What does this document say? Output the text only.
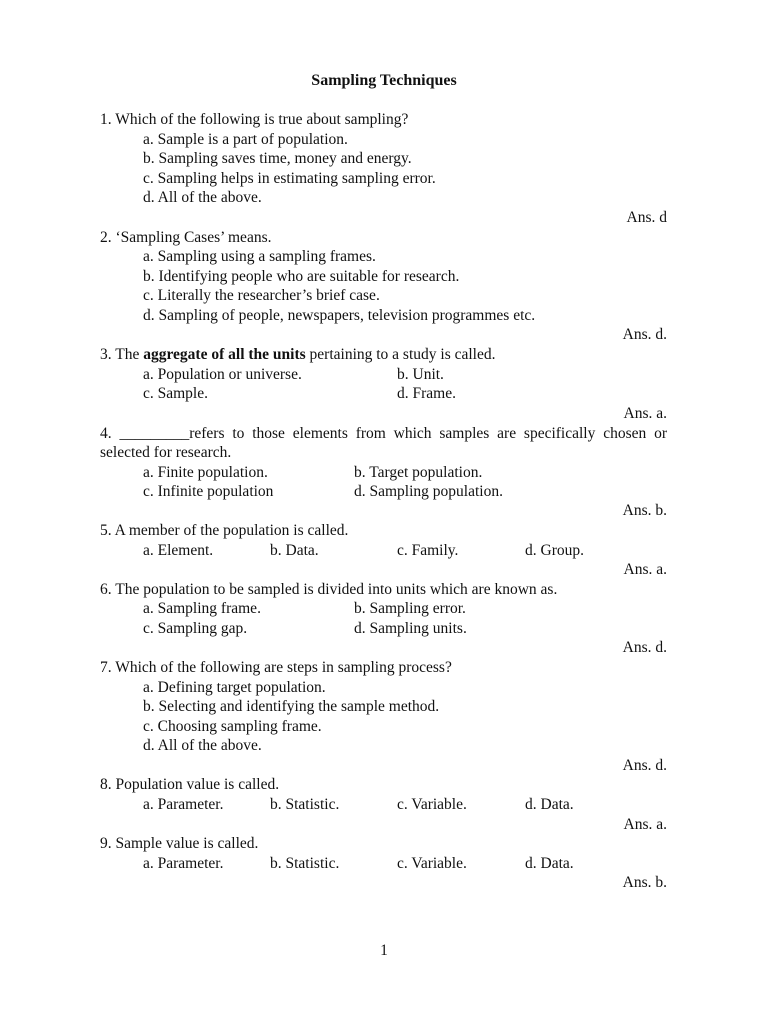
Sampling Techniques
1. Which of the following is true about sampling?
a. Sample is a part of population.
b. Sampling saves time, money and energy.
c. Sampling helps in estimating sampling error.
d. All of the above.
Ans. d
2. ‘Sampling Cases’ means.
a. Sampling using a sampling frames.
b. Identifying people who are suitable for research.
c. Literally the researcher’s brief case.
d. Sampling of people, newspapers, television programmes etc.
Ans. d.
3. The aggregate of all the units pertaining to a study is called.
a. Population or universe.	b. Unit.
c. Sample.	d. Frame.
Ans. a.
4. _________refers to those elements from which samples are specifically chosen or
selected for research.
a. Finite population.	b. Target population.
c. Infinite population	d. Sampling population.
Ans. b.
5. A member of the population is called.
a. Element.	b. Data.	c. Family.	d. Group.
Ans. a.
6. The population to be sampled is divided into units which are known as.
a. Sampling frame.	b. Sampling error.
c. Sampling gap.	d. Sampling units.
Ans. d.
7. Which of the following are steps in sampling process?
a. Defining target population.
b. Selecting and identifying the sample method.
c. Choosing sampling frame.
d. All of the above.
Ans. d.
8. Population value is called.
a. Parameter.	b. Statistic.	c. Variable.	d. Data.
Ans. a.
9. Sample value is called.
a. Parameter.	b. Statistic.	c. Variable.	d. Data.
Ans. b.
1
